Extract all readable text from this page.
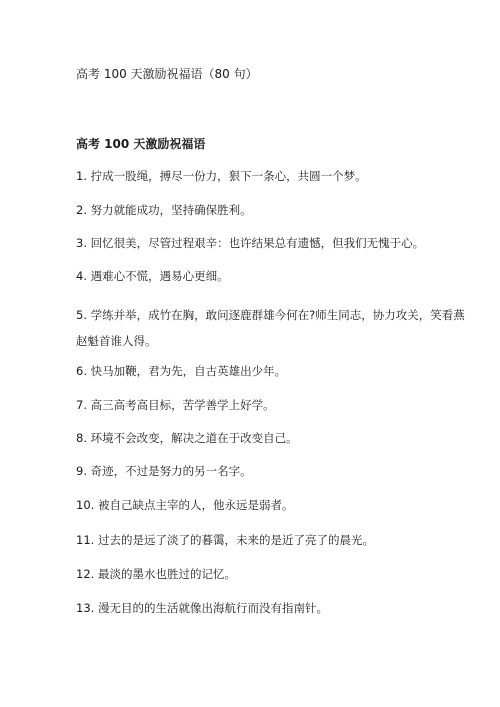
高考 100 天激励祝福语（80 句）
高考 100 天激励祝福语
1. 拧成一股绳，搏尽一份力，狠下一条心，共圆一个梦。
2. 努力就能成功，坚持确保胜利。
3. 回忆很美，尽管过程艰辛：也许结果总有遗憾，但我们无愧于心。
4. 遇难心不慌，遇易心更细。
5. 学练并举，成竹在胸，敢问逐鹿群雄今何在?师生同志，协力攻关，笑看燕
赵魁首谁人得。
6. 快马加鞭，君为先，自古英雄出少年。
7. 高三高考高目标，苦学善学上好学。
8. 环境不会改变，解决之道在于改变自己。
9. 奇迹，不过是努力的另一名字。
10. 被自己缺点主宰的人，他永远是弱者。
11. 过去的是远了淡了的暮霭，未来的是近了亮了的晨光。
12. 最淡的墨水也胜过的记忆。
13. 漫无目的的生活就像出海航行而没有指南针。
